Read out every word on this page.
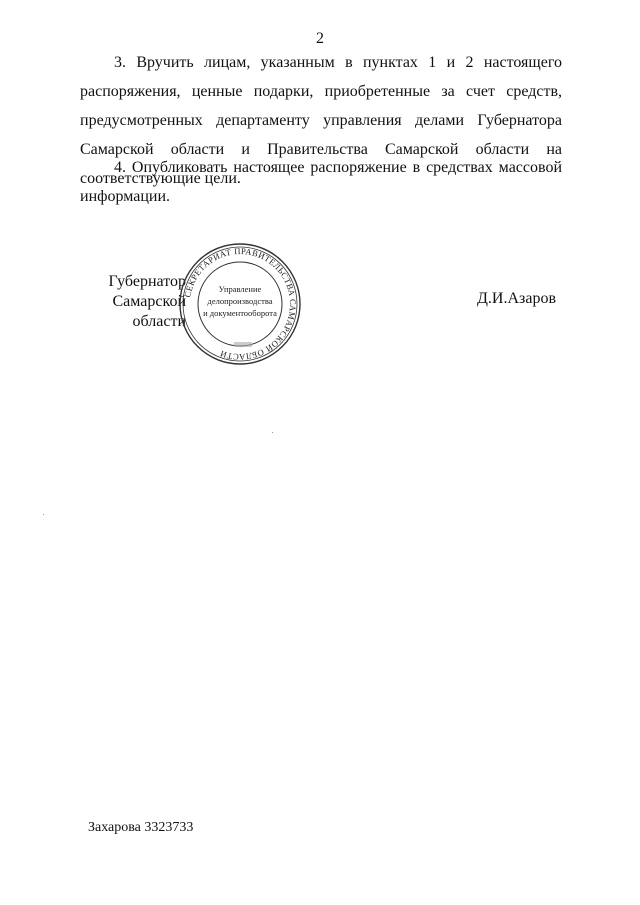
2

3. Вручить лицам, указанным в пунктах 1 и 2 настоящего распоряжения, ценные подарки, приобретенные за счет средств, предусмотренных департаменту управления делами Губернатора Самарской области и Правительства Самарской области на соответствующие цели.

4. Опубликовать настоящее распоряжение в средствах массовой информации.

Губернатор
Самарской области
Д.И.Азаров
СЕКРЕТАРИАТ ПРАВИТЕЛЬСТВА САМАРСКОЙ ОБЛАСТИ
Управление
делопроизводства
и документооборота
Захарова 3323733
